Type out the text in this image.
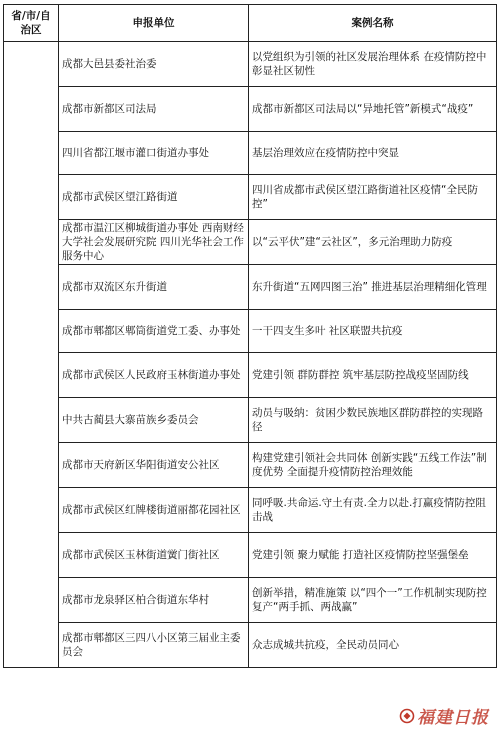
省/市/自治区	申报单位	案例名称
	成都大邑县委社治委	以党组织为引领的社区发展治理体系 在疫情防控中彰显社区韧性
	成都市新都区司法局	成都市新都区司法局以“异地托管”新模式“战疫”
	四川省都江堰市灌口街道办事处	基层治理效应在疫情防控中突显
	成都市武侯区望江路街道	四川省成都市武侯区望江路街道社区疫情“全民防控”
	成都市温江区柳城街道办事处 西南财经大学社会发展研究院 四川光华社会工作服务中心	以“云平伏”建“云社区”，多元治理助力防疫
	成都市双流区东升街道	东升街道“五网四图三治” 推进基层治理精细化管理
	成都市郫都区郫筒街道党工委、办事处	一干四支生多叶 社区联盟共抗疫
	成都市武侯区人民政府玉林街道办事处	党建引领 群防群控 筑牢基层防控战疫坚固防线
	中共古蔺县大寨苗族乡委员会	动员与吸纳：贫困少数民族地区群防群控的实现路径
	成都市天府新区华阳街道安公社区	构建党建引领社会共同体 创新实践“五线工作法”制度优势 全面提升疫情防控治理效能
	成都市武侯区红牌楼街道丽都花园社区	同呼吸.共命运.守土有责.全力以赴.打赢疫情防控阻击战
	成都市武侯区玉林街道黉门街社区	党建引领 聚力赋能 打造社区疫情防控坚强堡垒
	成都市龙泉驿区柏合街道东华村	创新举措，精准施策 以“四个一”工作机制实现防控复产“两手抓、两战赢”
	成都市郫都区三四八小区第三届业主委员会	众志成城共抗疫，全民动员同心
福建日报
